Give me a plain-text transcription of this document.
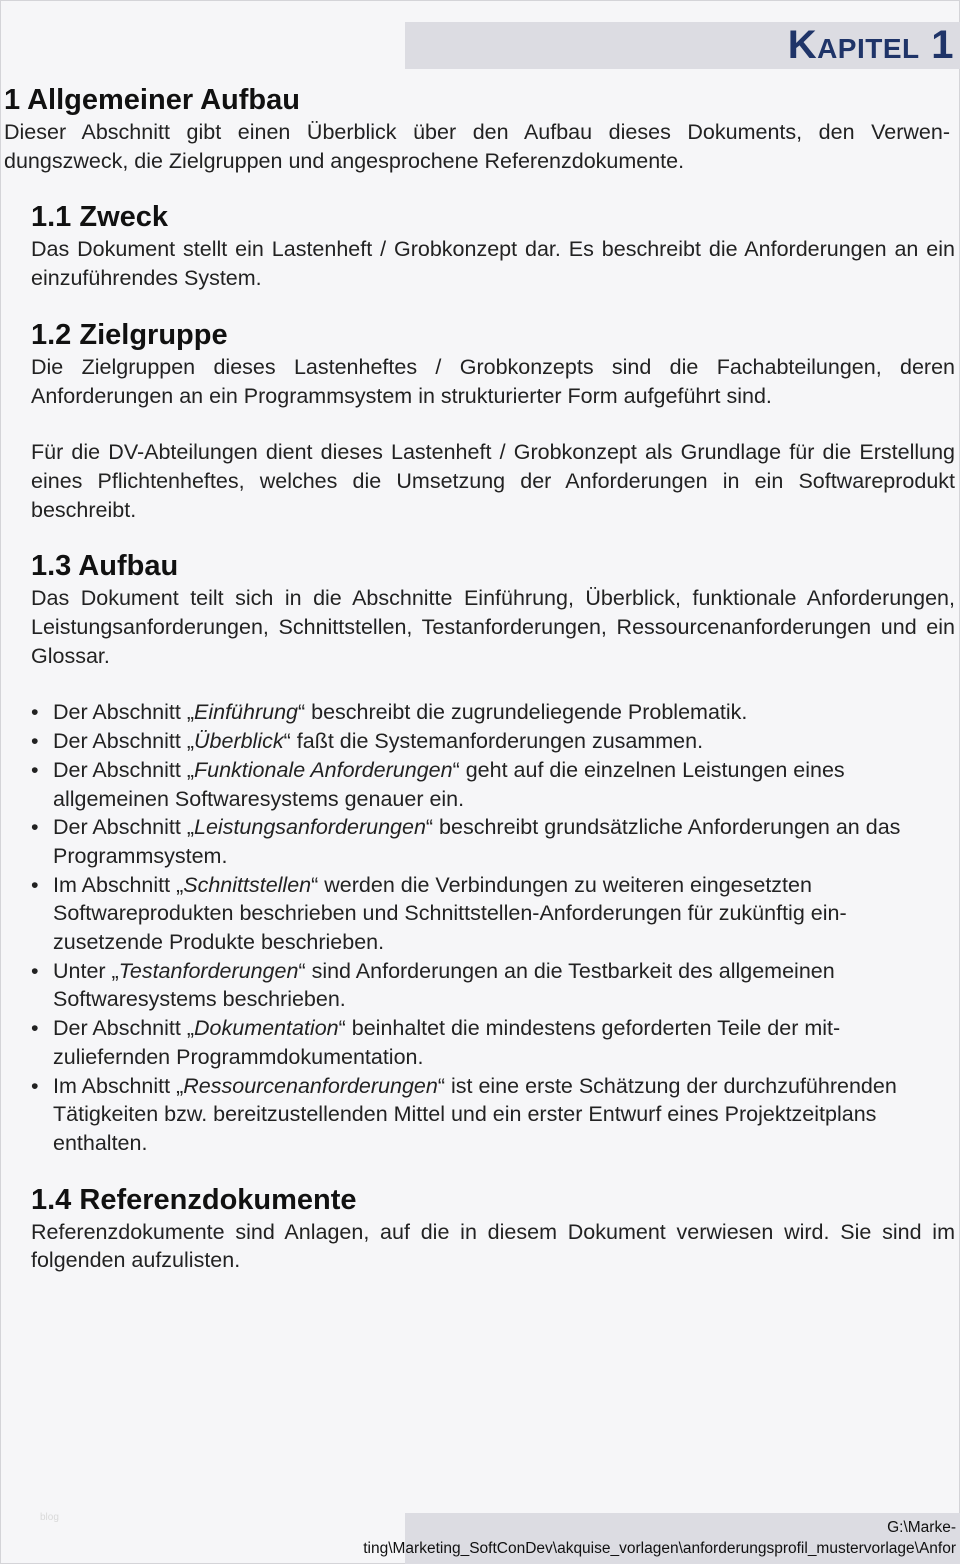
Kapitel 1
1 Allgemeiner Aufbau

Dieser Abschnitt gibt einen Überblick über den Aufbau dieses Dokuments, den Verwendungszweck, die Zielgruppen und angesprochene Referenzdokumente.

1.1 Zweck

Das Dokument stellt ein Lastenheft / Grobkonzept dar. Es beschreibt die Anforderungen an ein einzuführendes System.

1.2 Zielgruppe

Die Zielgruppen dieses Lastenheftes / Grobkonzepts sind die Fachabteilungen, deren Anforderungen an ein Programmsystem in strukturierter Form aufgeführt sind.

Für die DV-Abteilungen dient dieses Lastenheft / Grobkonzept als Grundlage für die Erstellung eines Pflichtenheftes, welches die Umsetzung der Anforderungen in ein Softwareprodukt beschreibt.

1.3 Aufbau

Das Dokument teilt sich in die Abschnitte Einführung, Überblick, funktionale Anforderungen, Leistungsanforderungen, Schnittstellen, Testanforderungen, Ressourcenanforderungen und ein Glossar.

• Der Abschnitt „Einführung“ beschreibt die zugrundeliegende Problematik.
• Der Abschnitt „Überblick“ faßt die Systemanforderungen zusammen.
• Der Abschnitt „Funktionale Anforderungen“ geht auf die einzelnen Leistungen eines allgemeinen Softwaresystems genauer ein.
• Der Abschnitt „Leistungsanforderungen“ beschreibt grundsätzliche Anforderungen an das Programmsystem.
• Im Abschnitt „Schnittstellen“ werden die Verbindungen zu weiteren eingesetzten Softwareprodukten beschrieben und Schnittstellen-Anforderungen für zukünftig einzusetzende Produkte beschrieben.
• Unter „Testanforderungen“ sind Anforderungen an die Testbarkeit des allgemeinen Softwaresystems beschrieben.
• Der Abschnitt „Dokumentation“ beinhaltet die mindestens geforderten Teile der mitzuliefernden Programmdokumentation.
• Im Abschnitt „Ressourcenanforderungen“ ist eine erste Schätzung der durchzuführenden Tätigkeiten bzw. bereitzustellenden Mittel und ein erster Entwurf eines Projektzeitplans enthalten.
1.4 Referenzdokumente

Referenzdokumente sind Anlagen, auf die in diesem Dokument verwiesen wird. Sie sind im folgenden aufzulisten.

blog
G:\Marke-
ting\Marketing_SoftConDev\akquise_vorlagen\anforderungsprofil_mustervorlage\Anfor
